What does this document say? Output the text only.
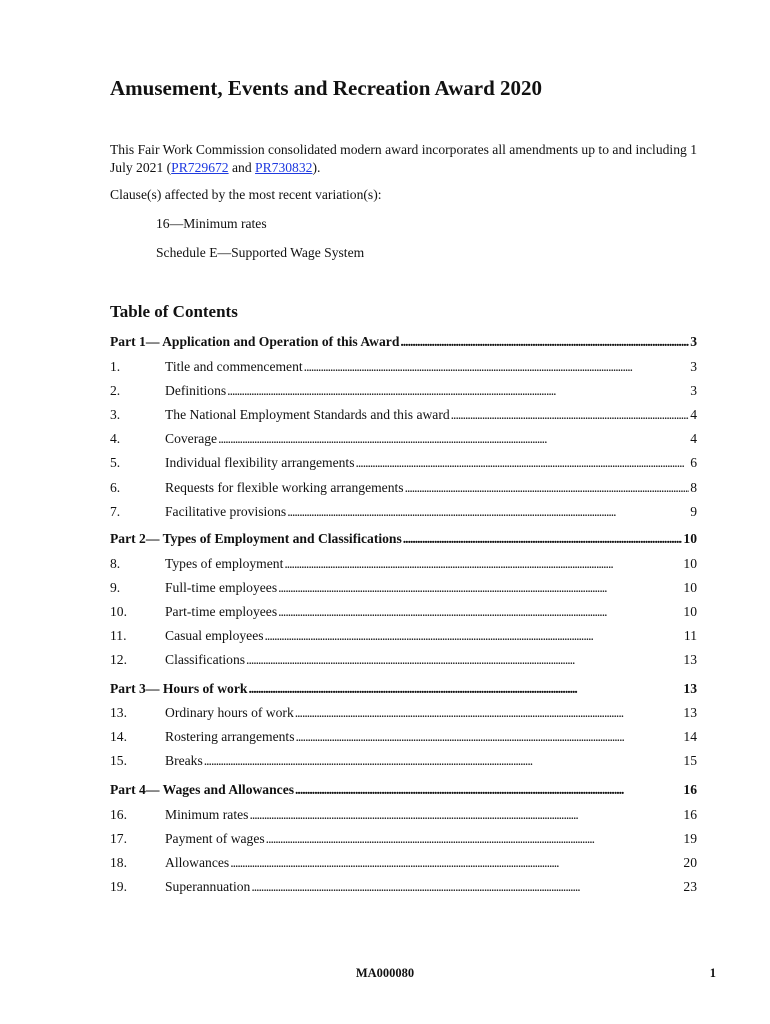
Amusement, Events and Recreation Award 2020

This Fair Work Commission consolidated modern award incorporates all amendments up to and including 1 July 2021 (PR729672 and PR730832).

Clause(s) affected by the most recent variation(s):

16—Minimum rates

Schedule E—Supported Wage System

Table of Contents
Part 1— Application and Operation of this Award . . .	3
1.	Title and commencement . . .	3
2.	Definitions . . .	3
3.	The National Employment Standards and this award . . .	4
4.	Coverage . . .	4
5.	Individual flexibility arrangements . . .	6
6.	Requests for flexible working arrangements . . .	8
7.	Facilitative provisions . . .	9
Part 2— Types of Employment and Classifications . . .	10
8.	Types of employment . . .	10
9.	Full-time employees . . .	10
10.	Part-time employees . . .	10
11.	Casual employees . . .	11
12.	Classifications . . .	13
Part 3— Hours of work . . .	13
13.	Ordinary hours of work . . .	13
14.	Rostering arrangements . . .	14
15.	Breaks . . .	15
Part 4— Wages and Allowances . . .	16
16.	Minimum rates . . .	16
17.	Payment of wages . . .	19
18.	Allowances . . .	20
19.	Superannuation . . .	23

MA000080	1
